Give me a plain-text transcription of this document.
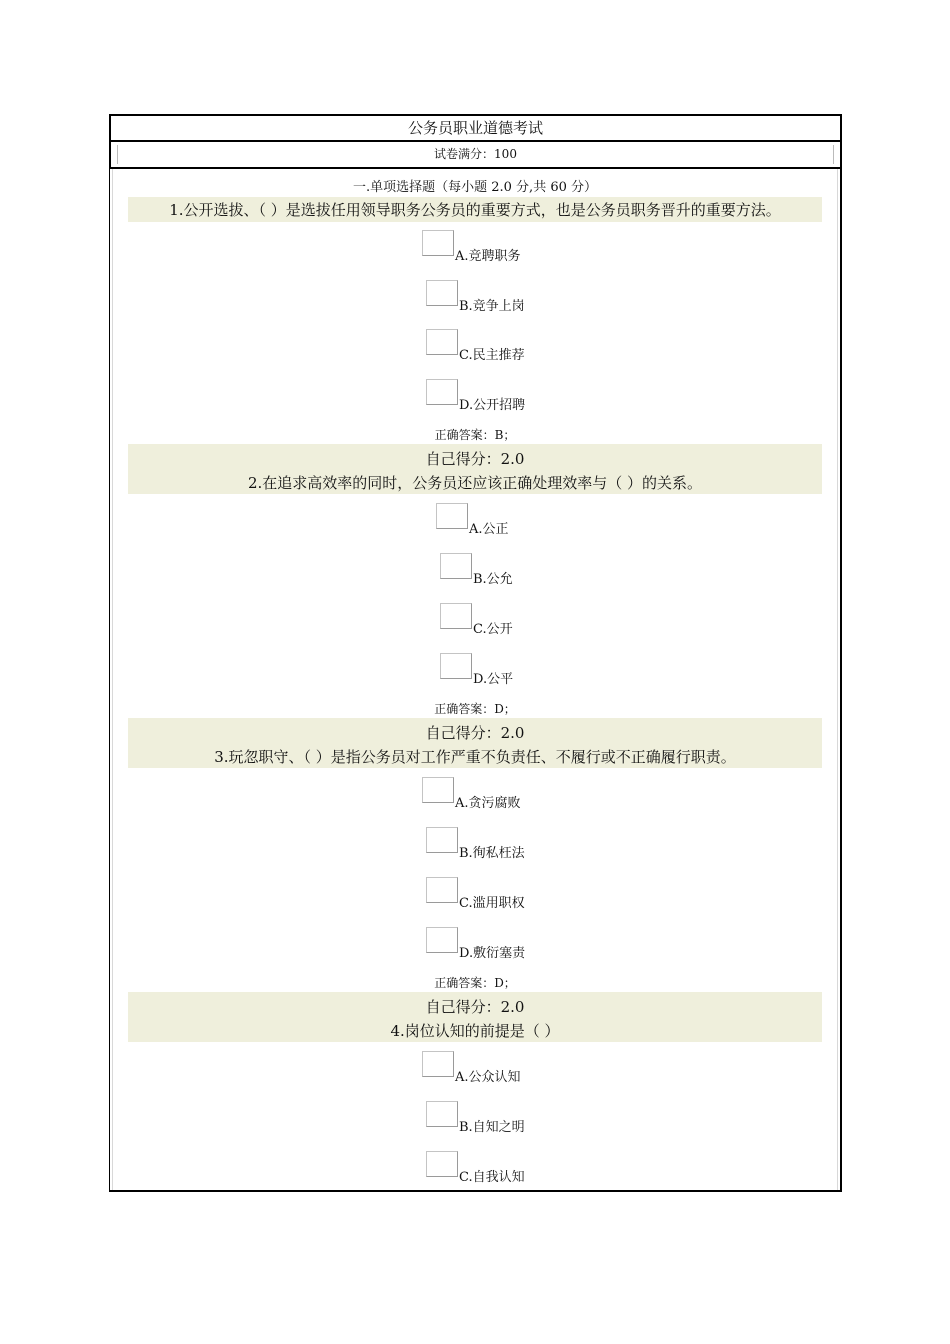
公务员职业道德考试
试卷满分：100
一.单项选择题（每小题 2.0 分,共 60 分）
1.公开选拔、（ ）是选拔任用领导职务公务员的重要方式，也是公务员职务晋升的重要方法。
A.竞聘职务
B.竞争上岗
C.民主推荐
D.公开招聘
正确答案：B；
自己得分：2.0
2.在追求高效率的同时，公务员还应该正确处理效率与（ ）的关系。
A.公正
B.公允
C.公开
D.公平
正确答案：D；
自己得分：2.0
3.玩忽职守、（ ）是指公务员对工作严重不负责任、不履行或不正确履行职责。
A.贪污腐败
B.徇私枉法
C.滥用职权
D.敷衍塞责
正确答案：D；
自己得分：2.0
4.岗位认知的前提是（ ）
A.公众认知
B.自知之明
C.自我认知
